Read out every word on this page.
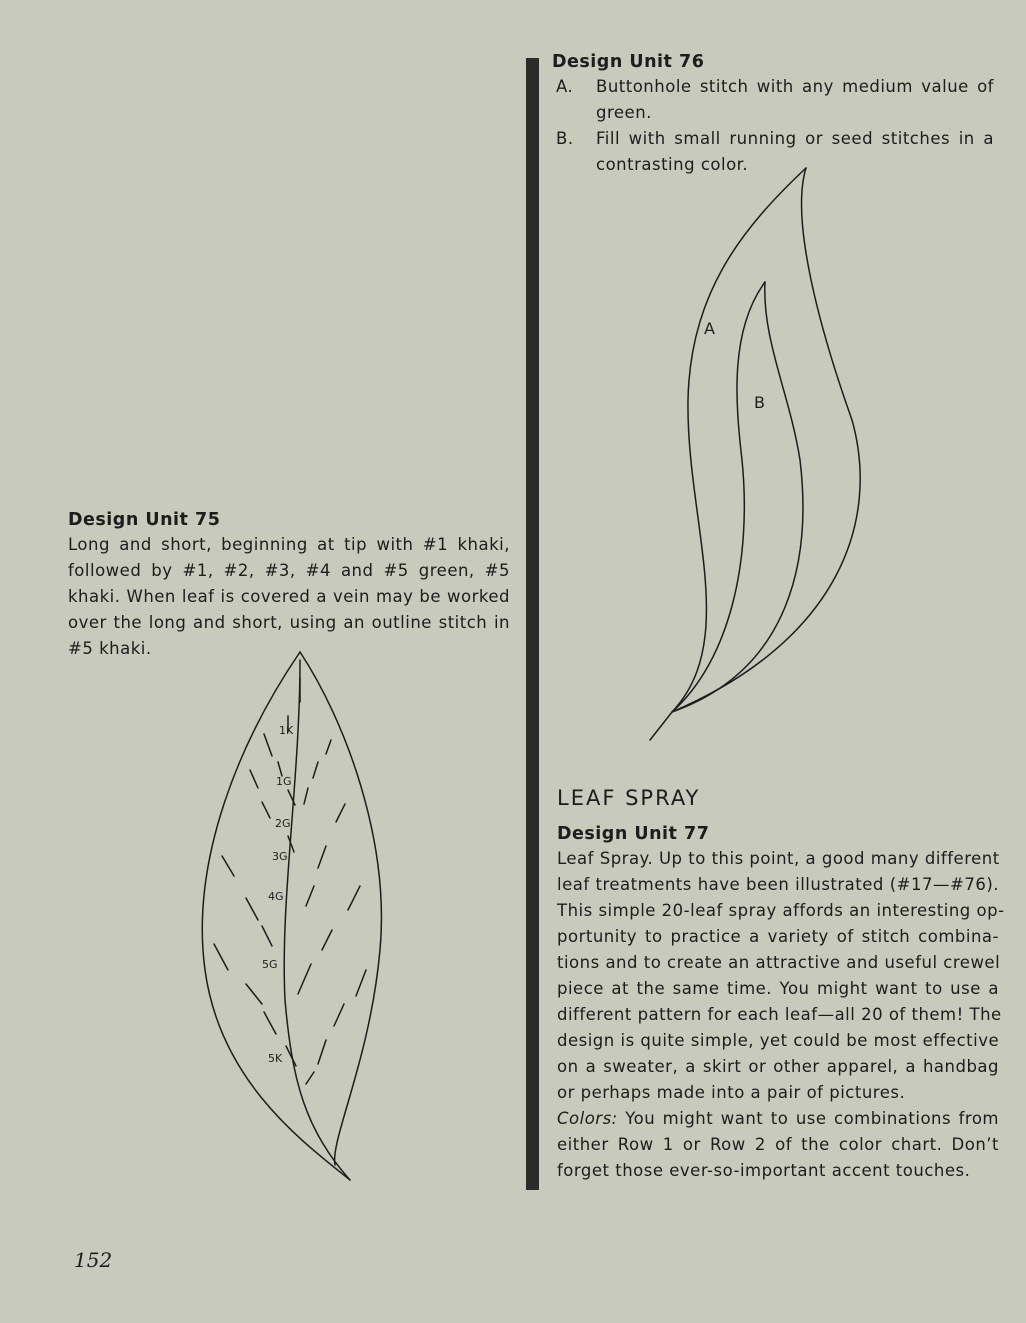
Design Unit 76
A. Buttonhole stitch with any medium value of
green.
B. Fill with small running or seed stitches in a
contrasting color.
Design Unit 75
Long and short, beginning at tip with #1 khaki,
followed by #1, #2, #3, #4 and #5 green, #5
khaki. When leaf is covered a vein may be worked
over the long and short, using an outline stitch in
#5 khaki.
LEAF SPRAY
Design Unit 77
Leaf Spray. Up to this point, a good many different
leaf treatments have been illustrated (#17—#76).
This simple 20-leaf spray affords an interesting op-
portunity to practice a variety of stitch combina-
tions and to create an attractive and useful crewel
piece at the same time. You might want to use a
different pattern for each leaf—all 20 of them! The
design is quite simple, yet could be most effective
on a sweater, a skirt or other apparel, a handbag
or perhaps made into a pair of pictures.
Colors: You might want to use combinations from
either Row 1 or Row 2 of the color chart. Don’t
forget those ever-so-important accent touches.
A
B
1K
1G
2G
3G
4G
5G
5K
152
